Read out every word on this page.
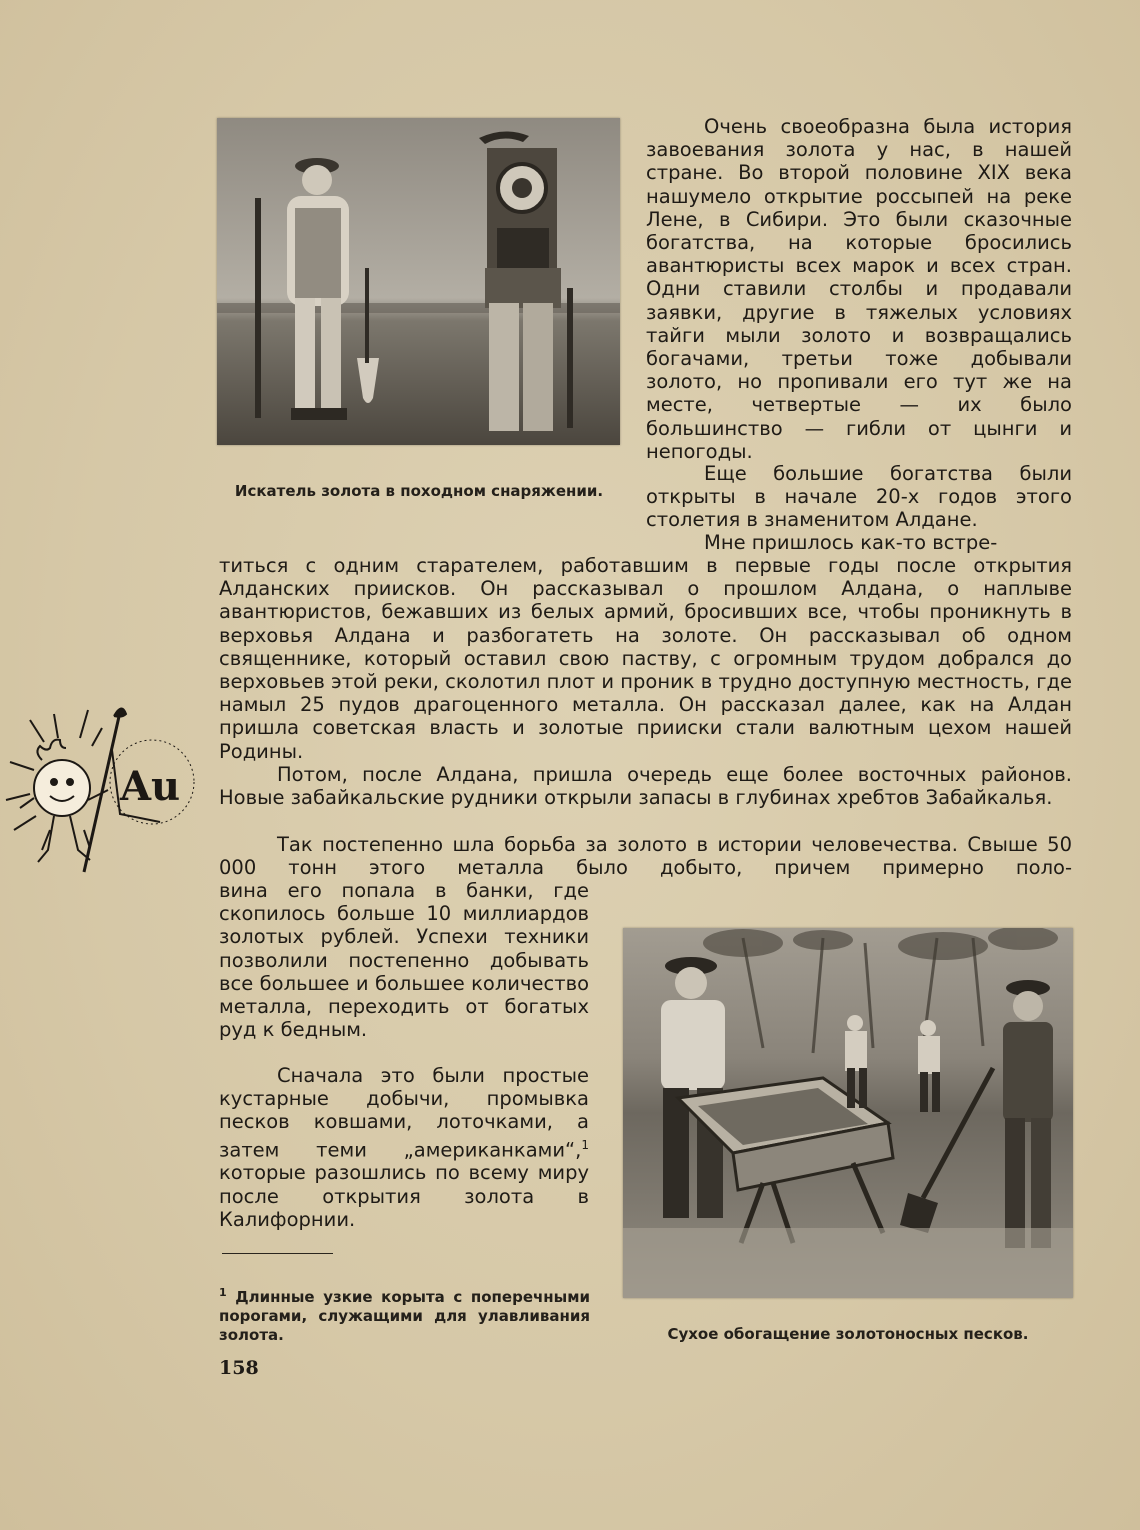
Искатель золота в походном снаряжении.

Очень своеобразна была история завоевания золота у нас, в нашей стране. Во второй половине XIX века нашумело открытие россыпей на реке Лене, в Сибири. Это были сказочные богатства, на которые бросились авантюристы всех марок и всех стран. Одни ставили столбы и продавали заявки, другие в тяжелых условиях тайги мыли золото и возвращались богачами, третьи тоже добывали золото, но пропивали его тут же на месте, четвертые — их было большинство — гибли от цынги и непогоды.

Еще большие богатства были открыты в начале 20-х годов этого столетия в знаменитом Алдане.

Мне пришлось как-то встре-

титься с одним старателем, работавшим в первые годы после открытия Алданских приисков. Он рассказывал о прошлом Алдана, о наплыве авантюристов, бежавших из белых армий, бросивших все, чтобы проникнуть в верховья Алдана и разбогатеть на золоте. Он рассказывал об одном священнике, который оставил свою паству, с огромным трудом добрался до верховьев этой реки, сколотил плот и проник в трудно доступную местность, где намыл 25 пудов драгоценного металла. Он рассказал далее, как на Алдан пришла советская власть и золотые прииски стали валютным цехом нашей Родины.

Потом, после Алдана, пришла очередь еще более восточных районов. Новые забайкальские рудники открыли запасы в глубинах хребтов Забайкалья.

Так постепенно шла борьба за золото в истории человечества. Свыше 50 000 тонн этого металла было добыто, причем примерно поло-

вина его попала в банки, где скопилось больше 10 миллиардов золотых рублей. Успехи техники позволили постепенно добывать все большее и большее количество металла, переходить от богатых руд к бедным.

Сначала это были простые кустарные добычи, промывка песков ковшами, лоточками, а затем теми „американками“,$^1$ которые разошлись по всему миру после открытия золота в Калифорнии.

$^1$ Длинные узкие корыта с поперечными порогами, служащими для улавливания золота.	Сухое обогащение золотоносных песков.

Au
158
